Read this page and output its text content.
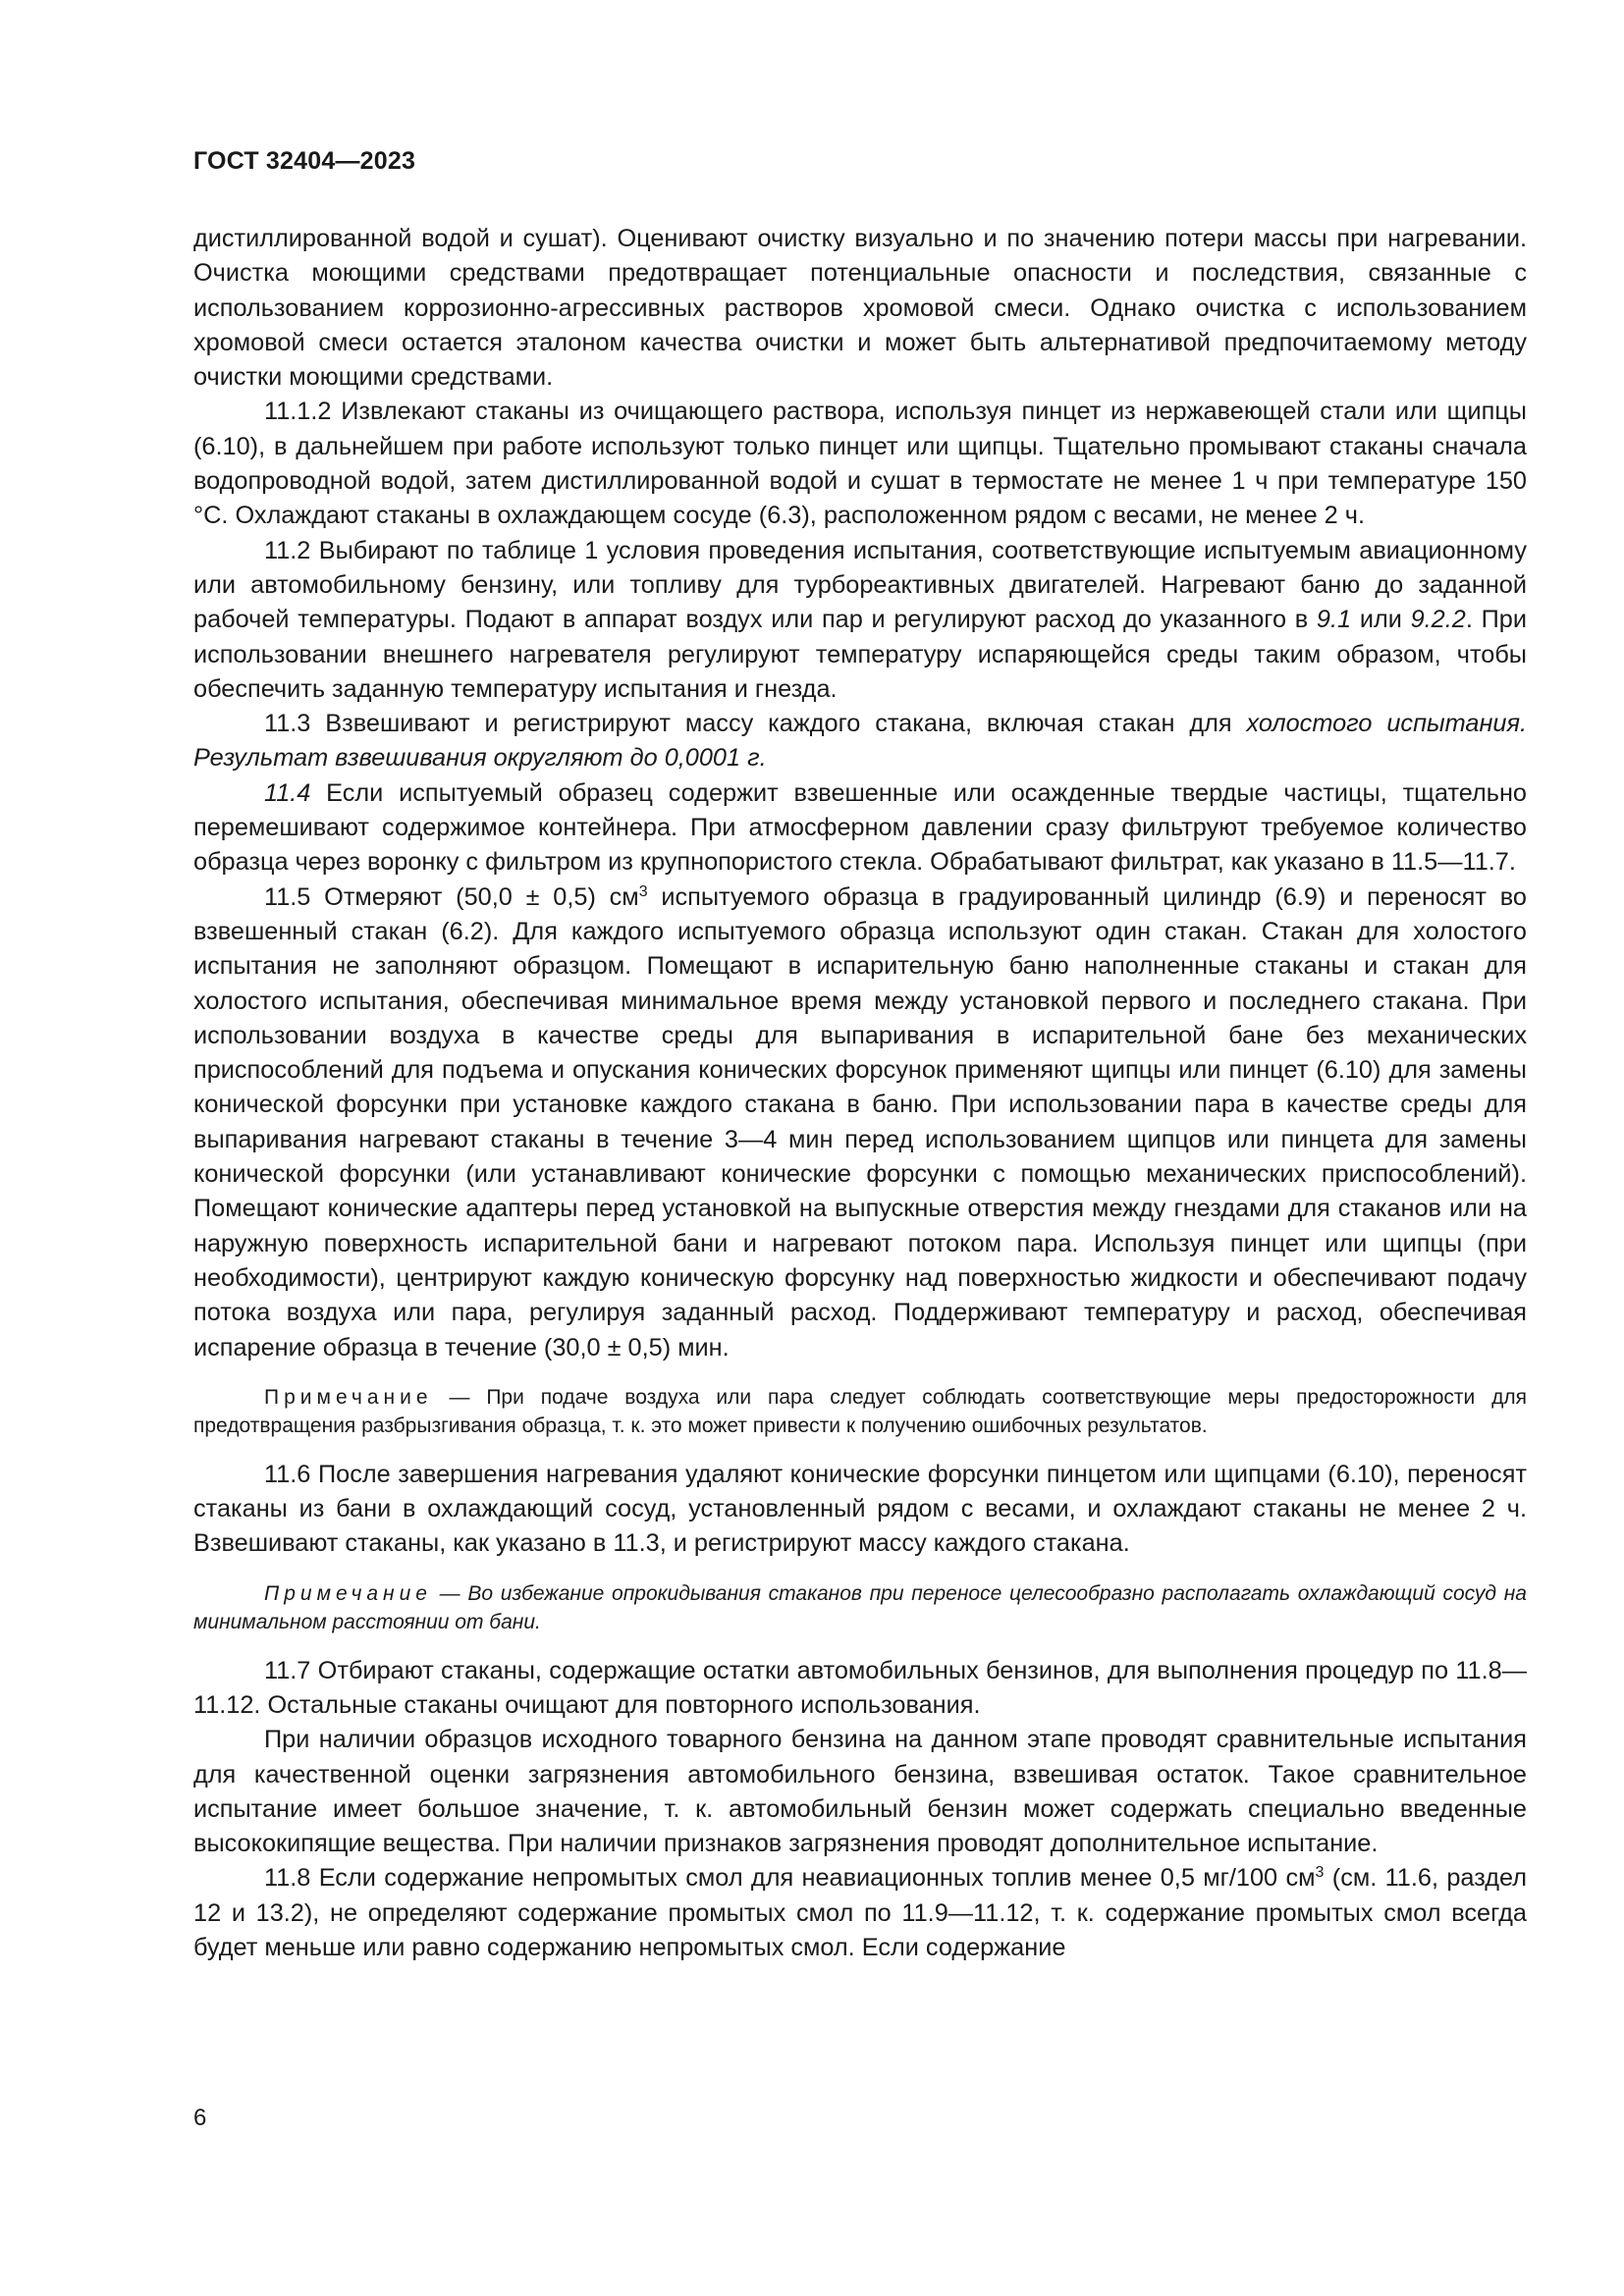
ГОСТ 32404—2023

дистиллированной водой и сушат). Оценивают очистку визуально и по значению потери массы при нагревании. Очистка моющими средствами предотвращает потенциальные опасности и последствия, связанные с использованием коррозионно-агрессивных растворов хромовой смеси. Однако очистка с использованием хромовой смеси остается эталоном качества очистки и может быть альтернативой предпочитаемому методу очистки моющими средствами.

11.1.2 Извлекают стаканы из очищающего раствора, используя пинцет из нержавеющей стали или щипцы (6.10), в дальнейшем при работе используют только пинцет или щипцы. Тщательно промывают стаканы сначала водопроводной водой, затем дистиллированной водой и сушат в термостате не менее 1 ч при температуре 150 °С. Охлаждают стаканы в охлаждающем сосуде (6.3), расположенном рядом с весами, не менее 2 ч.

11.2 Выбирают по таблице 1 условия проведения испытания, соответствующие испытуемым авиационному или автомобильному бензину, или топливу для турбореактивных двигателей. Нагревают баню до заданной рабочей температуры. Подают в аппарат воздух или пар и регулируют расход до указанного в 9.1 или 9.2.2. При использовании внешнего нагревателя регулируют температуру испаряющейся среды таким образом, чтобы обеспечить заданную температуру испытания и гнезда.

11.3 Взвешивают и регистрируют массу каждого стакана, включая стакан для холостого испытания. Результат взвешивания округляют до 0,0001 г.

11.4 Если испытуемый образец содержит взвешенные или осажденные твердые частицы, тщательно перемешивают содержимое контейнера. При атмосферном давлении сразу фильтруют требуемое количество образца через воронку с фильтром из крупнопористого стекла. Обрабатывают фильтрат, как указано в 11.5—11.7.

11.5 Отмеряют (50,0 ± 0,5) $см^3$ испытуемого образца в градуированный цилиндр (6.9) и переносят во взвешенный стакан (6.2). Для каждого испытуемого образца используют один стакан. Стакан для холостого испытания не заполняют образцом. Помещают в испарительную баню наполненные стаканы и стакан для холостого испытания, обеспечивая минимальное время между установкой первого и последнего стакана. При использовании воздуха в качестве среды для выпаривания в испарительной бане без механических приспособлений для подъема и опускания конических форсунок применяют щипцы или пинцет (6.10) для замены конической форсунки при установке каждого стакана в баню. При использовании пара в качестве среды для выпаривания нагревают стаканы в течение 3—4 мин перед использованием щипцов или пинцета для замены конической форсунки (или устанавливают конические форсунки с помощью механических приспособлений). Помещают конические адаптеры перед установкой на выпускные отверстия между гнездами для стаканов или на наружную поверхность испарительной бани и нагревают потоком пара. Используя пинцет или щипцы (при необходимости), центрируют каждую коническую форсунку над поверхностью жидкости и обеспечивают подачу потока воздуха или пара, регулируя заданный расход. Поддерживают температуру и расход, обеспечивая испарение образца в течение (30,0 ± 0,5) мин.

Примечание — При подаче воздуха или пара следует соблюдать соответствующие меры предосторожности для предотвращения разбрызгивания образца, т. к. это может привести к получению ошибочных результатов.

11.6 После завершения нагревания удаляют конические форсунки пинцетом или щипцами (6.10), переносят стаканы из бани в охлаждающий сосуд, установленный рядом с весами, и охлаждают стаканы не менее 2 ч. Взвешивают стаканы, как указано в 11.3, и регистрируют массу каждого стакана.

Примечание — Во избежание опрокидывания стаканов при переносе целесообразно располагать охлаждающий сосуд на минимальном расстоянии от бани.

11.7 Отбирают стаканы, содержащие остатки автомобильных бензинов, для выполнения процедур по 11.8—11.12. Остальные стаканы очищают для повторного использования.

При наличии образцов исходного товарного бензина на данном этапе проводят сравнительные испытания для качественной оценки загрязнения автомобильного бензина, взвешивая остаток. Такое сравнительное испытание имеет большое значение, т. к. автомобильный бензин может содержать специально введенные высококипящие вещества. При наличии признаков загрязнения проводят дополнительное испытание.

11.8 Если содержание непромытых смол для неавиационных топлив менее 0,5 мг/100 $см^3$ (см. 11.6, раздел 12 и 13.2), не определяют содержание промытых смол по 11.9—11.12, т. к. содержание промытых смол всегда будет меньше или равно содержанию непромытых смол. Если содержание

6
